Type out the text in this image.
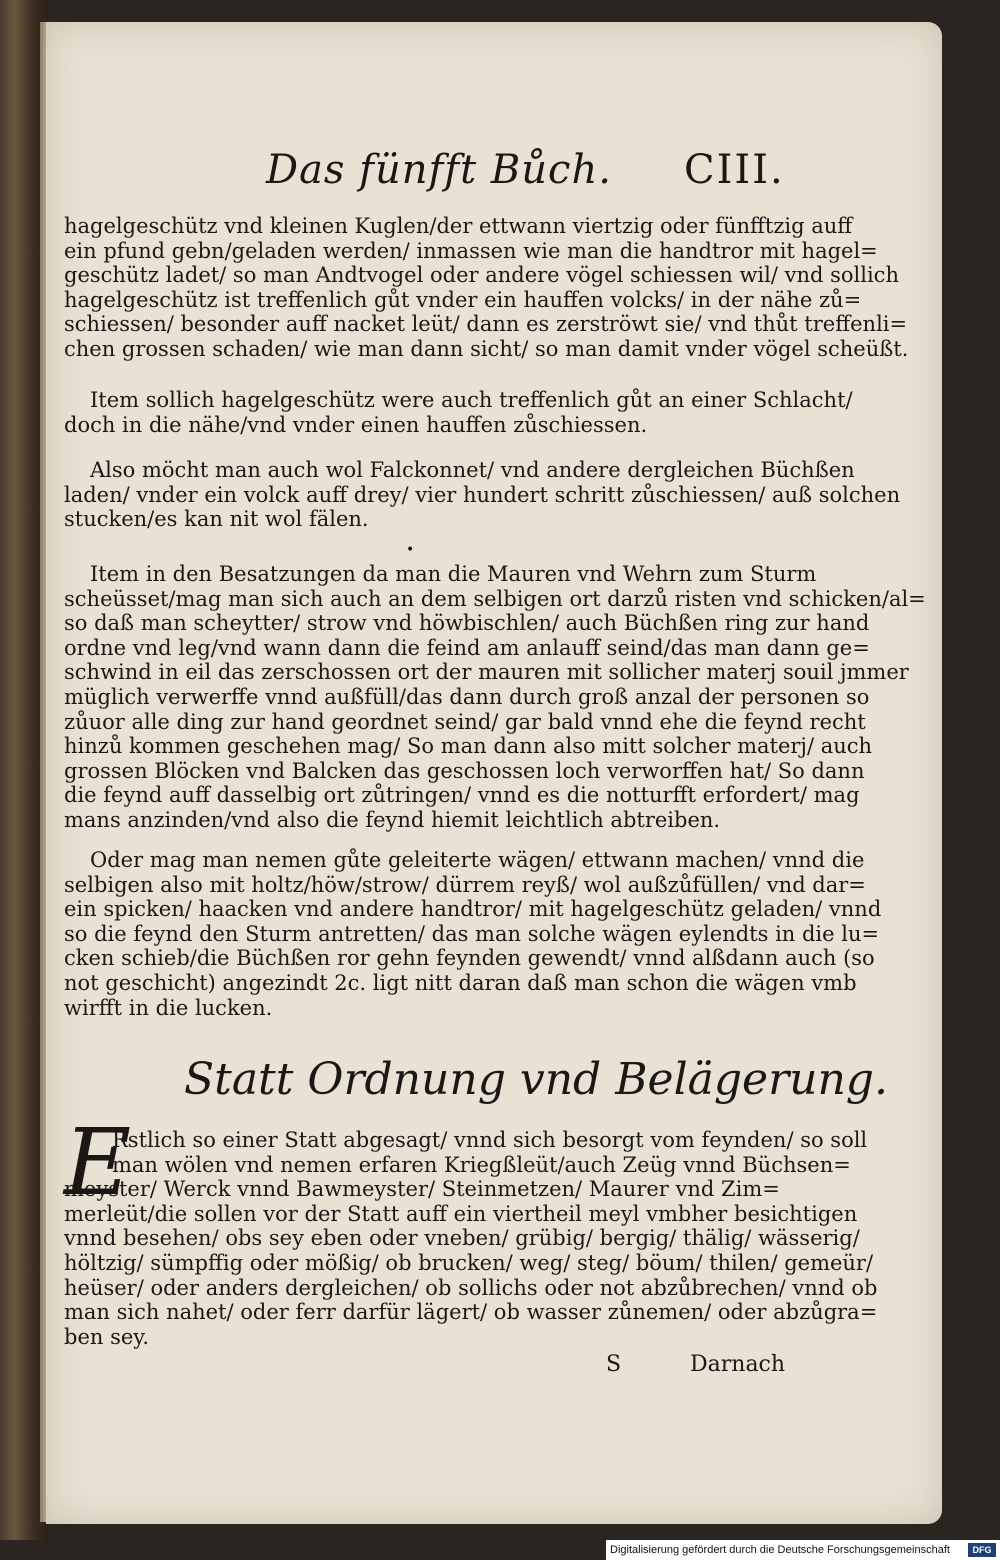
Das fünfft Bůch. CIII.

hagelgeschütz vnd kleinen Kuglen/der ettwann viertzig oder fünfftzig auff
ein pfund gebn/geladen werden/ inmassen wie man die handtror mit hagel=
geschütz ladet/ so man Andtvogel oder andere vögel schiessen wil/ vnd sollich
hagelgeschütz ist treffenlich gůt vnder ein hauffen volcks/ in der nähe zů=
schiessen/ besonder auff nacket leüt/ dann es zerströwt sie/ vnd thůt treffenli=
chen grossen schaden/ wie man dann sicht/ so man damit vnder vögel scheüßt.

Item sollich hagelgeschütz were auch treffenlich gůt an einer Schlacht/
doch in die nähe/vnd vnder einen hauffen zůschiessen.

Also möcht man auch wol Falckonnet/ vnd andere dergleichen Büchßen
laden/ vnder ein volck auff drey/ vier hundert schritt zůschiessen/ auß solchen
stucken/es kan nit wol fälen.

•

Item in den Besatzungen da man die Mauren vnd Wehrn zum Sturm
scheüsset/mag man sich auch an dem selbigen ort darzů risten vnd schicken/al=
so daß man scheytter/ strow vnd höwbischlen/ auch Büchßen ring zur hand
ordne vnd leg/vnd wann dann die feind am anlauff seind/das man dann ge=
schwind in eil das zerschossen ort der mauren mit sollicher materj souil jmmer
müglich verwerffe vnnd außfüll/das dann durch groß anzal der personen so
zůuor alle ding zur hand geordnet seind/ gar bald vnnd ehe die feynd recht
hinzů kommen geschehen mag/ So man dann also mitt solcher materj/ auch
grossen Blöcken vnd Balcken das geschossen loch verworffen hat/ So dann
die feynd auff dasselbig ort zůtringen/ vnnd es die notturfft erfordert/ mag
mans anzinden/vnd also die feynd hiemit leichtlich abtreiben.

Oder mag man nemen gůte geleiterte wägen/ ettwann machen/ vnnd die
selbigen also mit holtz/höw/strow/ dürrem reyß/ wol außzůfüllen/ vnd dar=
ein spicken/ haacken vnd andere handtror/ mit hagelgeschütz geladen/ vnnd
so die feynd den Sturm antretten/ das man solche wägen eylendts in die lu=
cken schieb/die Büchßen ror gehn feynden gewendt/ vnnd alßdann auch (so
not geschicht) angezindt 2c. ligt nitt daran daß man schon die wägen vmb
wirfft in die lucken.

Statt Ordnung vnd Belägerung.
E

Rstlich so einer Statt abgesagt/ vnnd sich besorgt vom feynden/ so soll
man wölen vnd nemen erfaren Kriegßleüt/auch Zeüg vnnd Büchsen=
meyster/ Werck vnnd Bawmeyster/ Steinmetzen/ Maurer vnd Zim=
merleüt/die sollen vor der Statt auff ein viertheil meyl vmbher besichtigen
vnnd besehen/ obs sey eben oder vneben/ grübig/ bergig/ thälig/ wässerig/
höltzig/ sümpffig oder mößig/ ob brucken/ weg/ steg/ böum/ thilen/ gemeür/
heüser/ oder anders dergleichen/ ob sollichs oder not abzůbrechen/ vnnd ob
man sich nahet/ oder ferr darfür lägert/ ob wasser zůnemen/ oder abzůgra=
ben sey.

S	Darnach
Digitalisierung gefördert durch die Deutsche Forschungsgemeinschaft	DFG
